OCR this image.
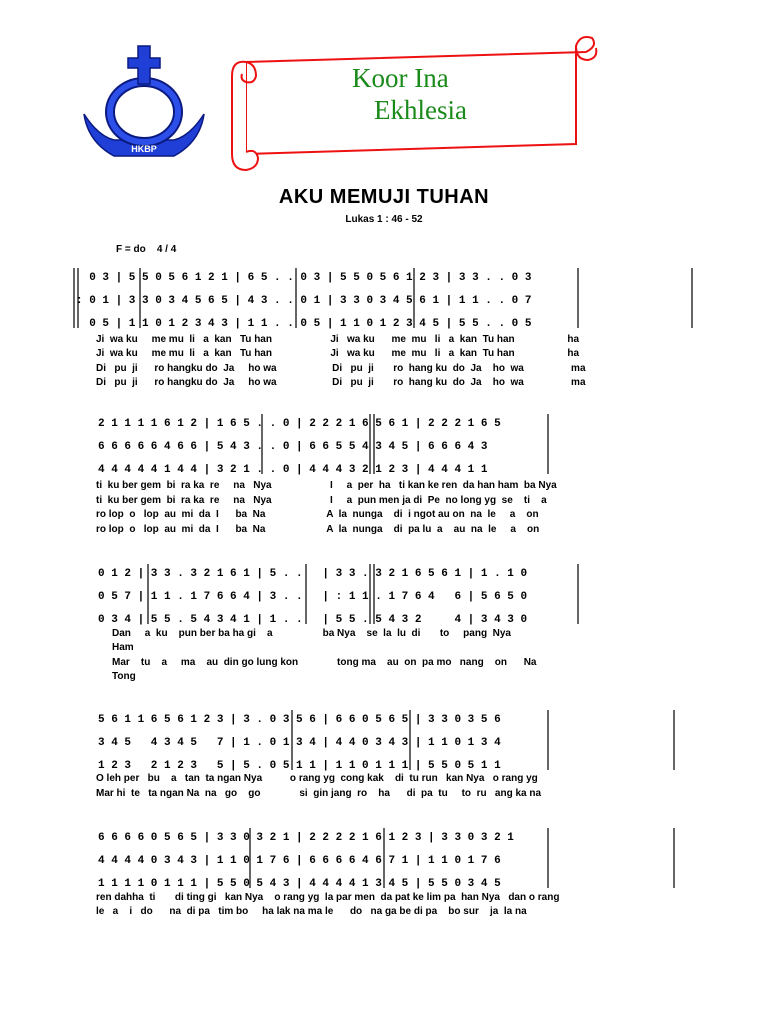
HKBP
Koor Ina
Ekhlesia
AKU MEMUJI TUHAN
Lukas 1 : 46 - 52
F = do    4 / 4
0 3 | 5 5 0 5 6 1 2 1 | 6 5 . . 0 3 | 5 5 0 5 6 1 2 3 | 3 3 . . 0 3
: 0 1 | 3 3 0 3 4 5 6 5 | 4 3 . . 0 1 | 3 3 0 3 4 5 6 1 | 1 1 . . 0 7
0 5 | 1 1 0 1 2 3 4 3 | 1 1 . . 0 5 | 1 1 0 1 2 3 4 5 | 5 5 . . 0 5
Ji  wa ku     me mu  li   a  kan   Tu han                     Ji   wa ku      me  mu   li   a  kan  Tu han                   ha
Ji  wa ku     me mu  li   a  kan   Tu han                     Ji   wa ku      me  mu   li   a  kan  Tu han                   ha
Di   pu  ji      ro hangku do  Ja     ho wa                    Di   pu  ji       ro  hang ku  do  Ja    ho  wa                 ma
Di   pu  ji      ro hangku do  Ja     ho wa                    Di   pu  ji       ro  hang ku  do  Ja    ho  wa                 ma
2 1 1 1 1 6 1 2 | 1 6 5 . . 0 | 2 2 2 1 6 5 6 1 | 2 2 2 1 6 5
6 6 6 6 6 4 6 6 | 5 4 3 . . 0 | 6 6 5 5 4 3 4 5 | 6 6 6 4 3
4 4 4 4 4 1 4 4 | 3 2 1 . . 0 | 4 4 4 3 2 1 2 3 | 4 4 4 1 1
ti  ku ber gem  bi  ra ka  re     na   Nya                     I     a  per  ha   ti kan ke ren  da han ham  ba Nya
ti  ku ber gem  bi  ra ka  re     na   Nya                     I     a  pun men ja di  Pe  no long yg  se    ti    a
ro lop  o   lop  au  mi  da  I      ba  Na                      A  la  nunga    di  i ngot au on  na  le     a    on
ro lop  o   lop  au  mi  da  I      ba  Na                      A  la  nunga    di  pa lu  a    au  na  le     a    on
0 1 2 | 3 3 . 3 2 1 6 1 | 5 . .   | 3 3 . 3 2 1 6 5 6 1 | 1 . 1 0
0 5 7 | 1 1 . 1 7 6 6 4 | 3 . .   | : 1 1 . 1 7 6 4   6 | 5 6 5 0
0 3 4 | 5 5 . 5 4 3 4 1 | 1 . .   | 5 5 . 5 4 3 2     4 | 3 4 3 0
Dan     a  ku    pun ber ba ha gi    a                  ba Nya    se  la  lu  di       to     pang  Nya
Ham
Mar    tu    a     ma    au  din go lung kon              tong ma    au  on  pa mo   nang    on      Na
Tong
5 6 1 1 6 5 6 1 2 3 | 3 . 0 3 5 6 | 6 6 0 5 6 5 | 3 3 0 3 5 6
3 4 5   4 3 4 5   7 | 1 . 0 1 3 4 | 4 4 0 3 4 3 | 1 1 0 1 3 4
1 2 3   2 1 2 3   5 | 5 . 0 5 1 1 | 1 1 0 1 1 1 | 5 5 0 5 1 1
O leh per   bu    a   tan  ta ngan Nya          o rang yg  cong kak    di  tu run   kan Nya   o rang yg
Mar hi  te   ta ngan Na  na   go    go              si  gin jang  ro    ha      di  pa  tu     to  ru   ang ka na
6 6 6 6 0 5 6 5 | 3 3 0 3 2 1 | 2 2 2 2 1 6 1 2 3 | 3 3 0 3 2 1
4 4 4 4 0 3 4 3 | 1 1 0 1 7 6 | 6 6 6 6 4 6 7 1 | 1 1 0 1 7 6
1 1 1 1 0 1 1 1 | 5 5 0 5 4 3 | 4 4 4 4 1 3 4 5 | 5 5 0 3 4 5
ren dahha  ti       di ting gi   kan Nya    o rang yg  la par men  da pat ke lim pa  han Nya   dan o rang
le   a    i   do      na  di pa   tim bo     ha lak na ma le      do   na ga be di pa    bo sur    ja  la na
